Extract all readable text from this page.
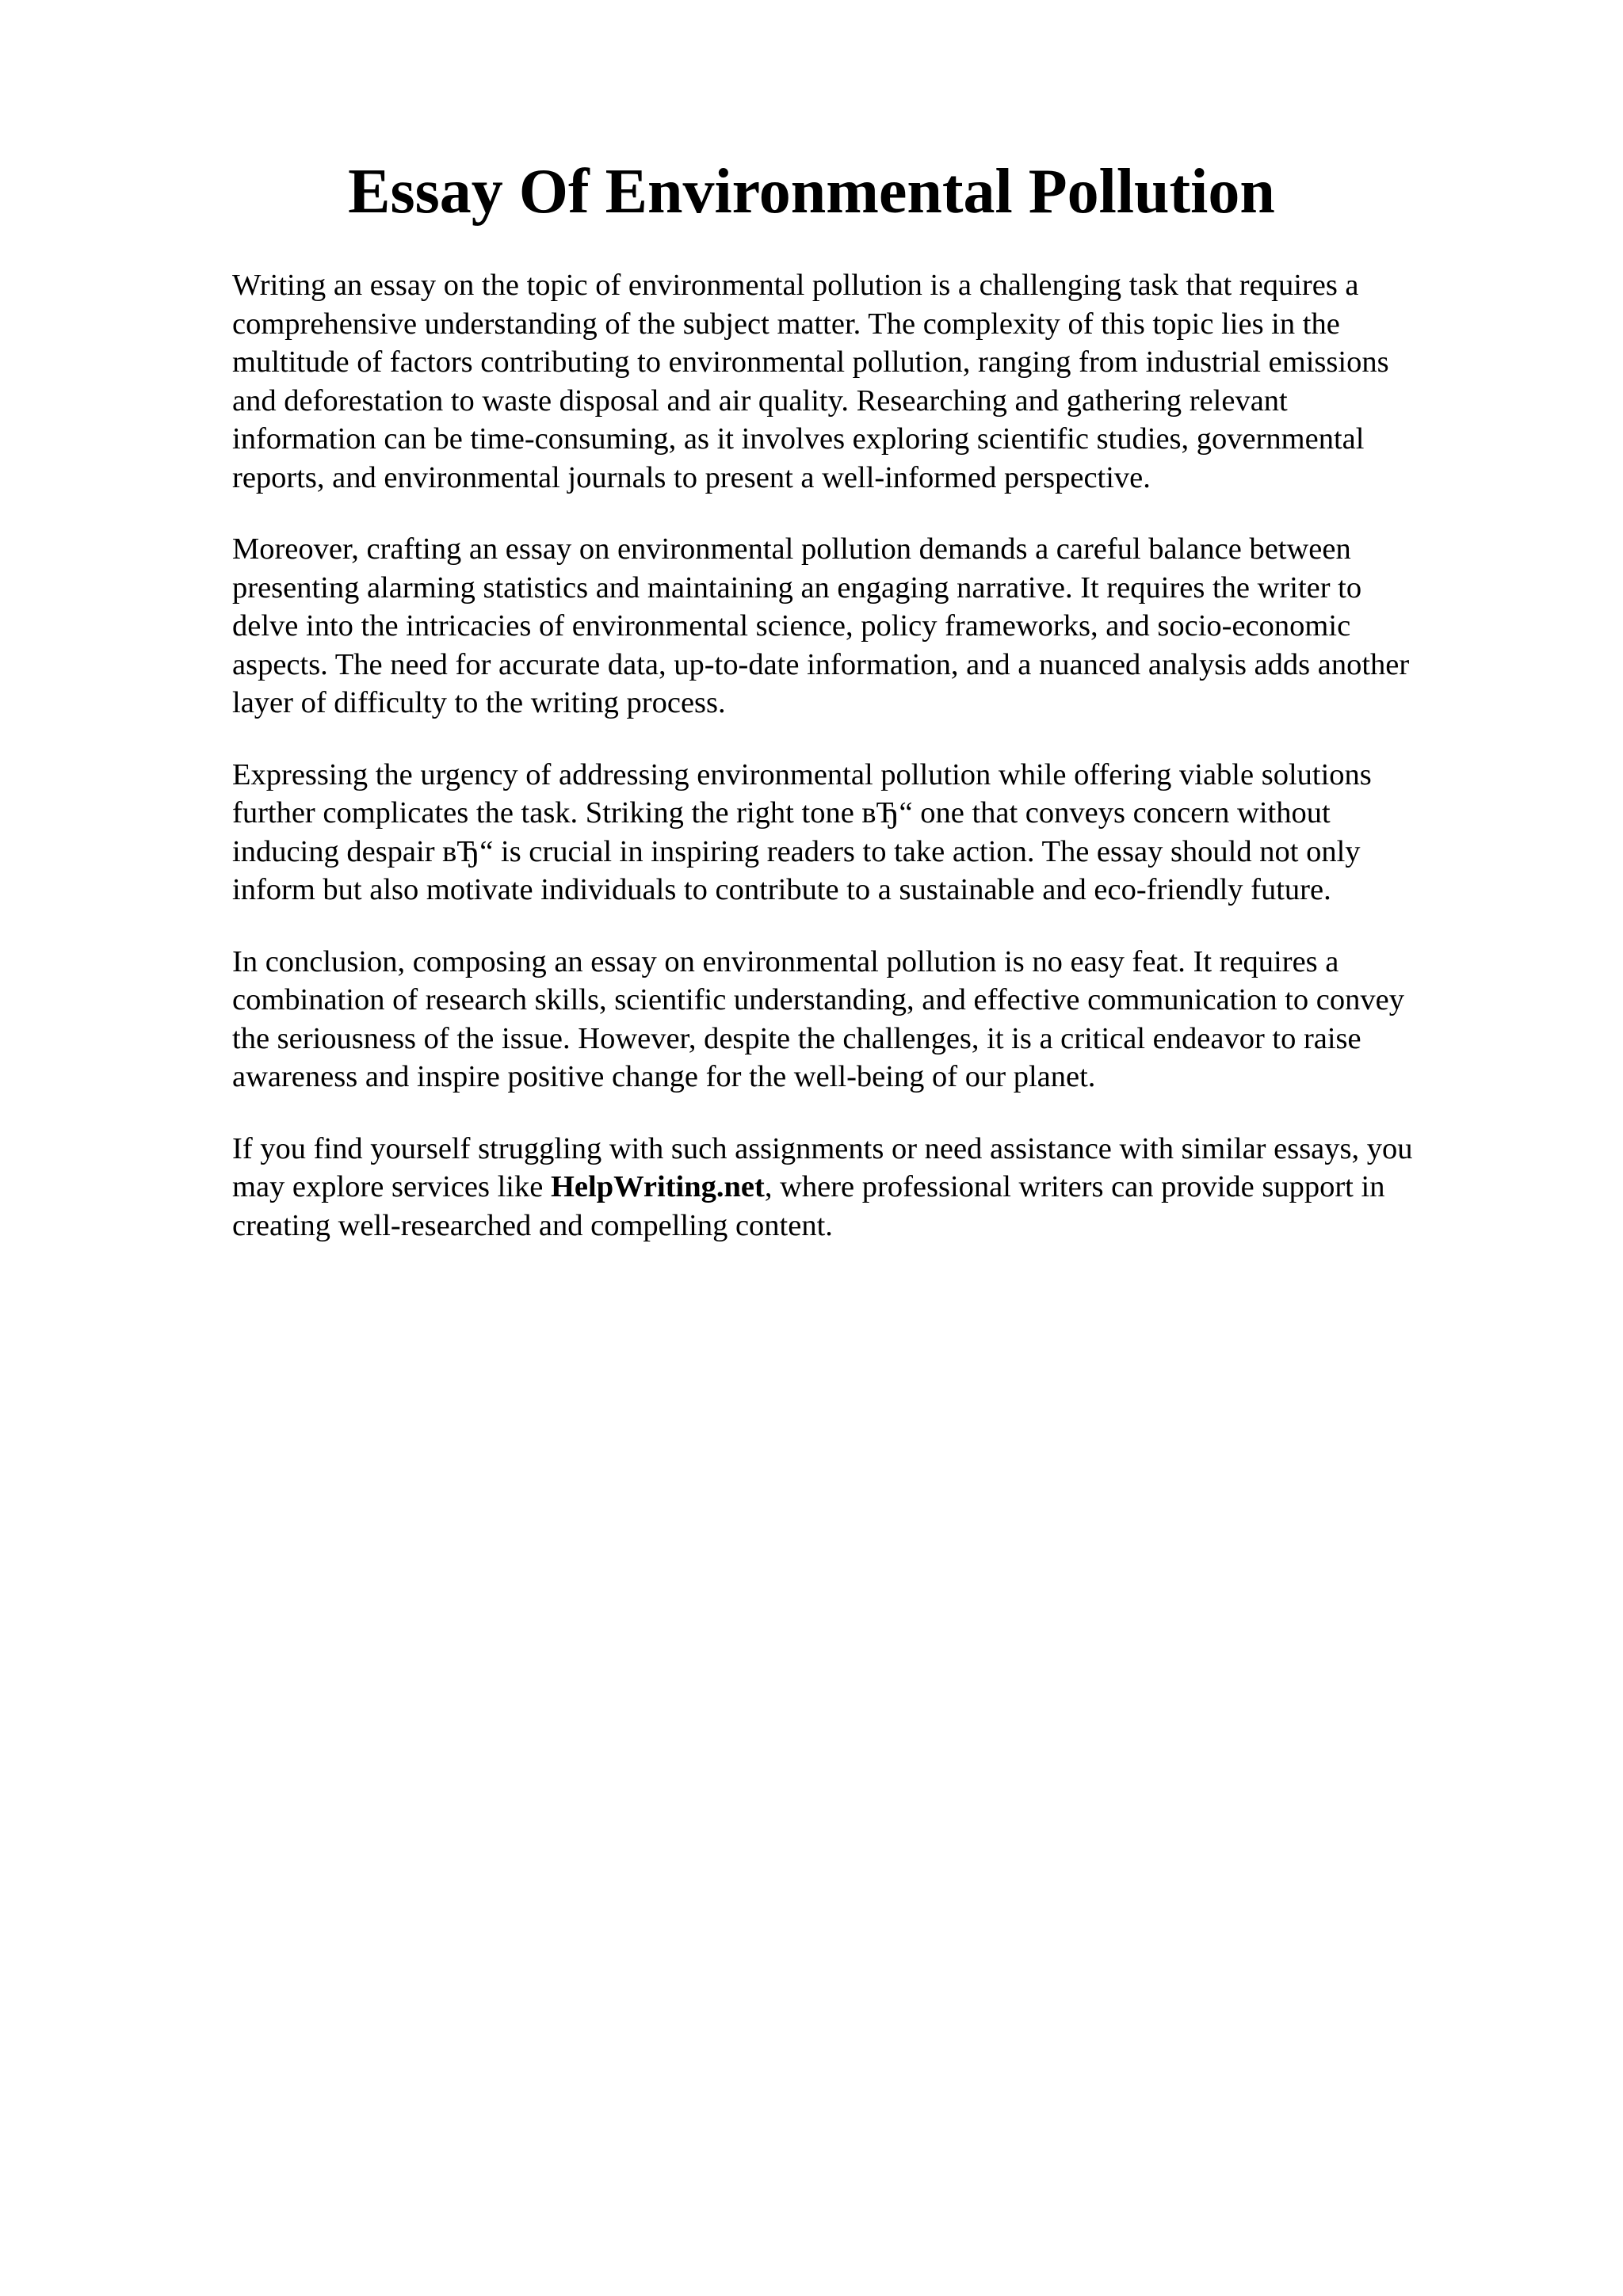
Essay Of Environmental Pollution

Writing an essay on the topic of environmental pollution is a challenging task that requires a
comprehensive understanding of the subject matter. The complexity of this topic lies in the
multitude of factors contributing to environmental pollution, ranging from industrial emissions
and deforestation to waste disposal and air quality. Researching and gathering relevant
information can be time-consuming, as it involves exploring scientific studies, governmental
reports, and environmental journals to present a well-informed perspective.

Moreover, crafting an essay on environmental pollution demands a careful balance between
presenting alarming statistics and maintaining an engaging narrative. It requires the writer to
delve into the intricacies of environmental science, policy frameworks, and socio-economic
aspects. The need for accurate data, up-to-date information, and a nuanced analysis adds another
layer of difficulty to the writing process.

Expressing the urgency of addressing environmental pollution while offering viable solutions
further complicates the task. Striking the right tone вЂ“ one that conveys concern without
inducing despair вЂ“ is crucial in inspiring readers to take action. The essay should not only
inform but also motivate individuals to contribute to a sustainable and eco-friendly future.

In conclusion, composing an essay on environmental pollution is no easy feat. It requires a
combination of research skills, scientific understanding, and effective communication to convey
the seriousness of the issue. However, despite the challenges, it is a critical endeavor to raise
awareness and inspire positive change for the well-being of our planet.

If you find yourself struggling with such assignments or need assistance with similar essays, you
may explore services like HelpWriting.net, where professional writers can provide support in
creating well-researched and compelling content.
